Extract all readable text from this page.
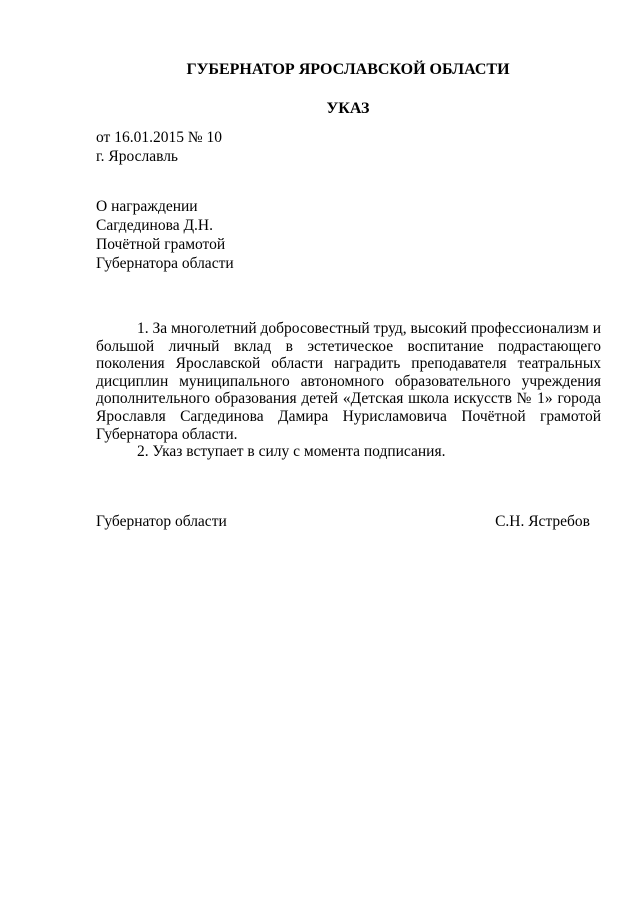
ГУБЕРНАТОР ЯРОСЛАВСКОЙ ОБЛАСТИ
УКАЗ
от 16.01.2015 № 10
г. Ярославль
О награждении
Сагдединова Д.Н.
Почётной грамотой
Губернатора области

1. За многолетний добросовестный труд, высокий профессионализм и большой личный вклад в эстетическое воспитание подрастающего поколения Ярославской области наградить преподавателя театральных дисциплин муниципального автономного образовательного учреждения дополнительного образования детей «Детская школа искусств № 1» города Ярославля Сагдединова Дамира Нурисламовича Почётной грамотой Губернатора области.

2. Указ вступает в силу с момента подписания.

Губернатор области	С.Н. Ястребов
